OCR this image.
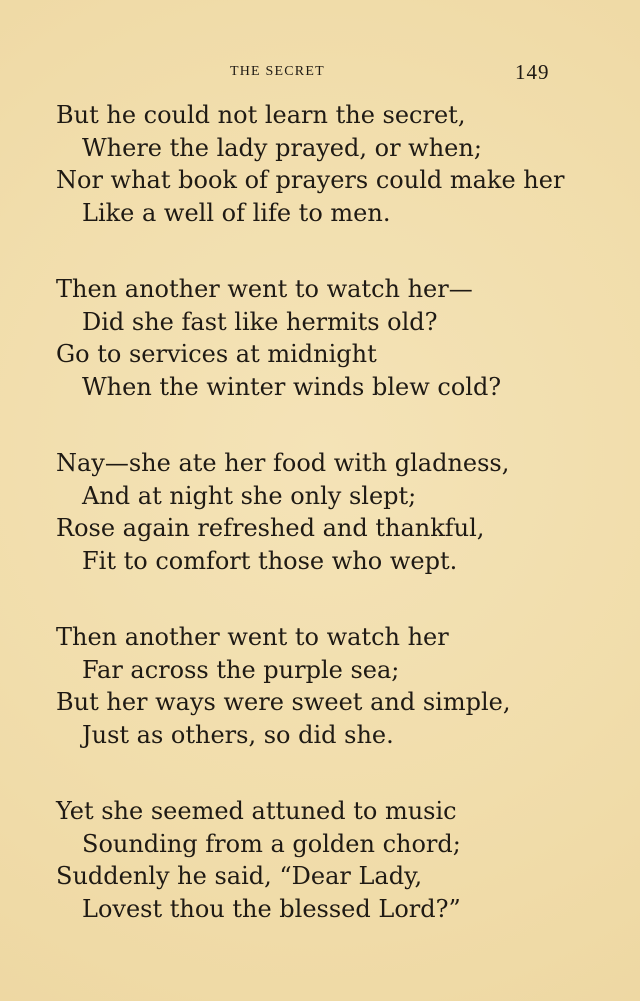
THE SECRET	149
But he could not learn the secret,
Where the lady prayed, or when;
Nor what book of prayers could make her
Like a well of life to men.
Then another went to watch her—
Did she fast like hermits old?
Go to services at midnight
When the winter winds blew cold?
Nay—she ate her food with gladness,
And at night she only slept;
Rose again refreshed and thankful,
Fit to comfort those who wept.
Then another went to watch her
Far across the purple sea;
But her ways were sweet and simple,
Just as others, so did she.
Yet she seemed attuned to music
Sounding from a golden chord;
Suddenly he said, “Dear Lady,
Lovest thou the blessed Lord?”
